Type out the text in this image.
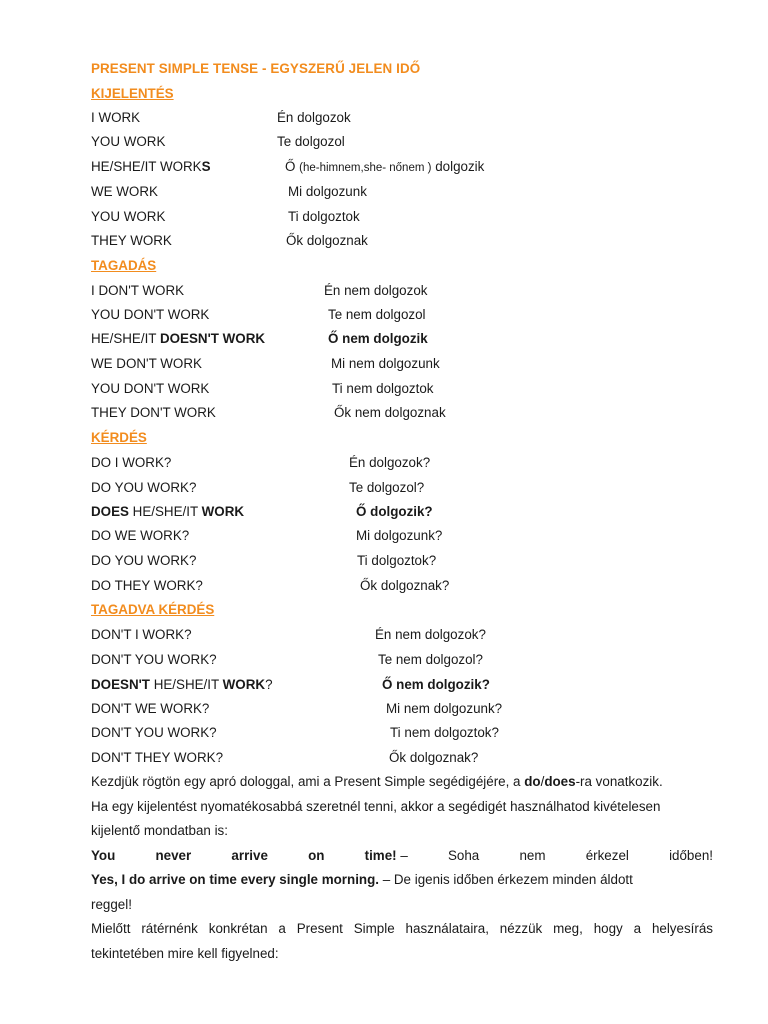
PRESENT SIMPLE TENSE - EGYSZERŰ JELEN IDŐ
KIJELENTÉS
I WORK	Én dolgozok
YOU WORK	Te dolgozol
HE/SHE/IT WORKS	Ő (he-himnem,she- nőnem ) dolgozik
WE WORK	Mi dolgozunk
YOU WORK	Ti dolgoztok
THEY WORK	Ők dolgoznak
TAGADÁS
I DON'T WORK	Én nem dolgozok
YOU DON'T WORK	Te nem dolgozol
HE/SHE/IT DOESN'T WORK	Ő nem dolgozik
WE DON'T WORK	Mi nem dolgozunk
YOU DON'T WORK	Ti nem dolgoztok
THEY DON'T WORK	Ők nem dolgoznak
KÉRDÉS
DO I WORK?	Én dolgozok?
DO YOU WORK?	Te dolgozol?
DOES HE/SHE/IT WORK	Ő dolgozik?
DO WE WORK?	Mi dolgozunk?
DO YOU WORK?	Ti dolgoztok?
DO THEY WORK?	Ők dolgoznak?
TAGADVA KÉRDÉS
DON'T I WORK?	Én nem dolgozok?
DON'T YOU WORK?	Te nem dolgozol?
DOESN'T HE/SHE/IT WORK?	Ő nem dolgozik?
DON'T WE WORK?	Mi nem dolgozunk?
DON'T YOU WORK?	Ti nem dolgoztok?
DON'T THEY WORK?	Ők dolgoznak?
Kezdjük rögtön egy apró dologgal, ami a Present Simple segédigéjére, a do/does-ra vonatkozik.
Ha egy kijelentést nyomatékosabbá szeretnél tenni, akkor a segédigét használhatod kivételesen
kijelentő mondatban is:
You	never	arrive	on	time! –	Soha	nem	érkezel	időben!
Yes, I do arrive on time every single morning. – De igenis időben érkezem minden áldott
reggel!
Mielőtt rátérnénk konkrétan a Present Simple használataira, nézzük meg, hogy a helyesírás
tekintetében mire kell figyelned:
